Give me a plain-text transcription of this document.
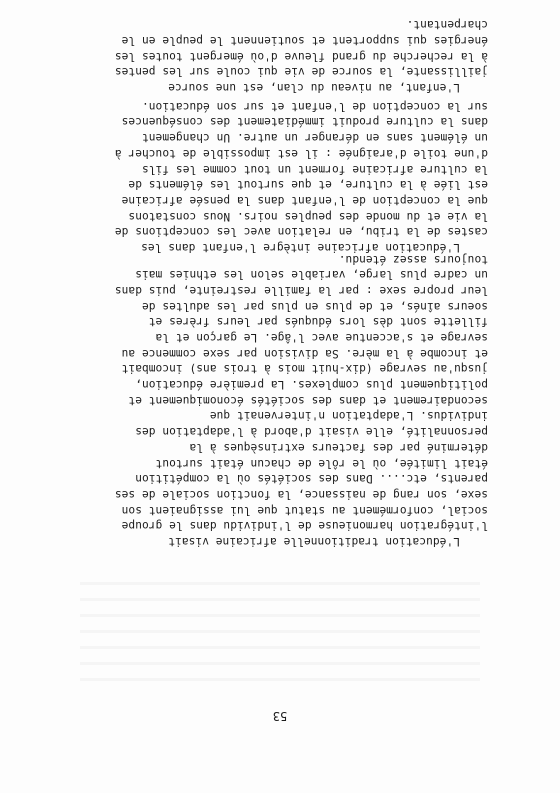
53
L'éducation traditionnelle africaine visait
l'intégration harmonieuse de l'individu dans le groupe
social, conformément au statut que lui assignaient son
sexe, son rang de naissance, la fonction sociale de ses
parents, etc.... Dans des sociétés où la compétition
était limitée, où le rôle de chacun était surtout
déterminé par des facteurs extrinsèques à la
personnalité, elle visait d'abord à l'adaptation des
individus. L'adaptation n'intervenait que
secondairement et dans des sociétés économiquement et
politiquement plus complexes. La première éducation,
jusqu'au sevrage (dix-huit mois à trois ans) incombait
et incombe à la mère. Sa division par sexe commence au
sevrage et s'accentue avec l'âge. Le garçon et la
fillette sont dès lors éduqués par leurs frères et
soeurs aînés, et de plus en plus par les adultes de
leur propre sexe : par la famille restreinte, puis dans
un cadre plus large, variable selon les ethnies mais
toujours assez étendu.
L'éducation africaine intègre l'enfant dans les
castes de la tribu, en relation avec les conceptions de
la vie et du monde des peuples noirs. Nous constatons
que la conception de l'enfant dans la pensée africaine
est liée à la culture, et que surtout les éléments de
la culture africaine forment un tout comme les fils
d'une toile d'araignée : il est impossible de toucher à
un élément sans en déranger un autre. Un changement
dans la culture produit immédiatement des conséquences
sur la conception de l'enfant et sur son éducation.
L'enfant, au niveau du clan, est une source
jaillissante, la source de vie qui coule sur les pentes
à la recherche du grand fleuve d'où émergent toutes les
énergies qui supportent et soutiennent le peuple en le
charpentant.
